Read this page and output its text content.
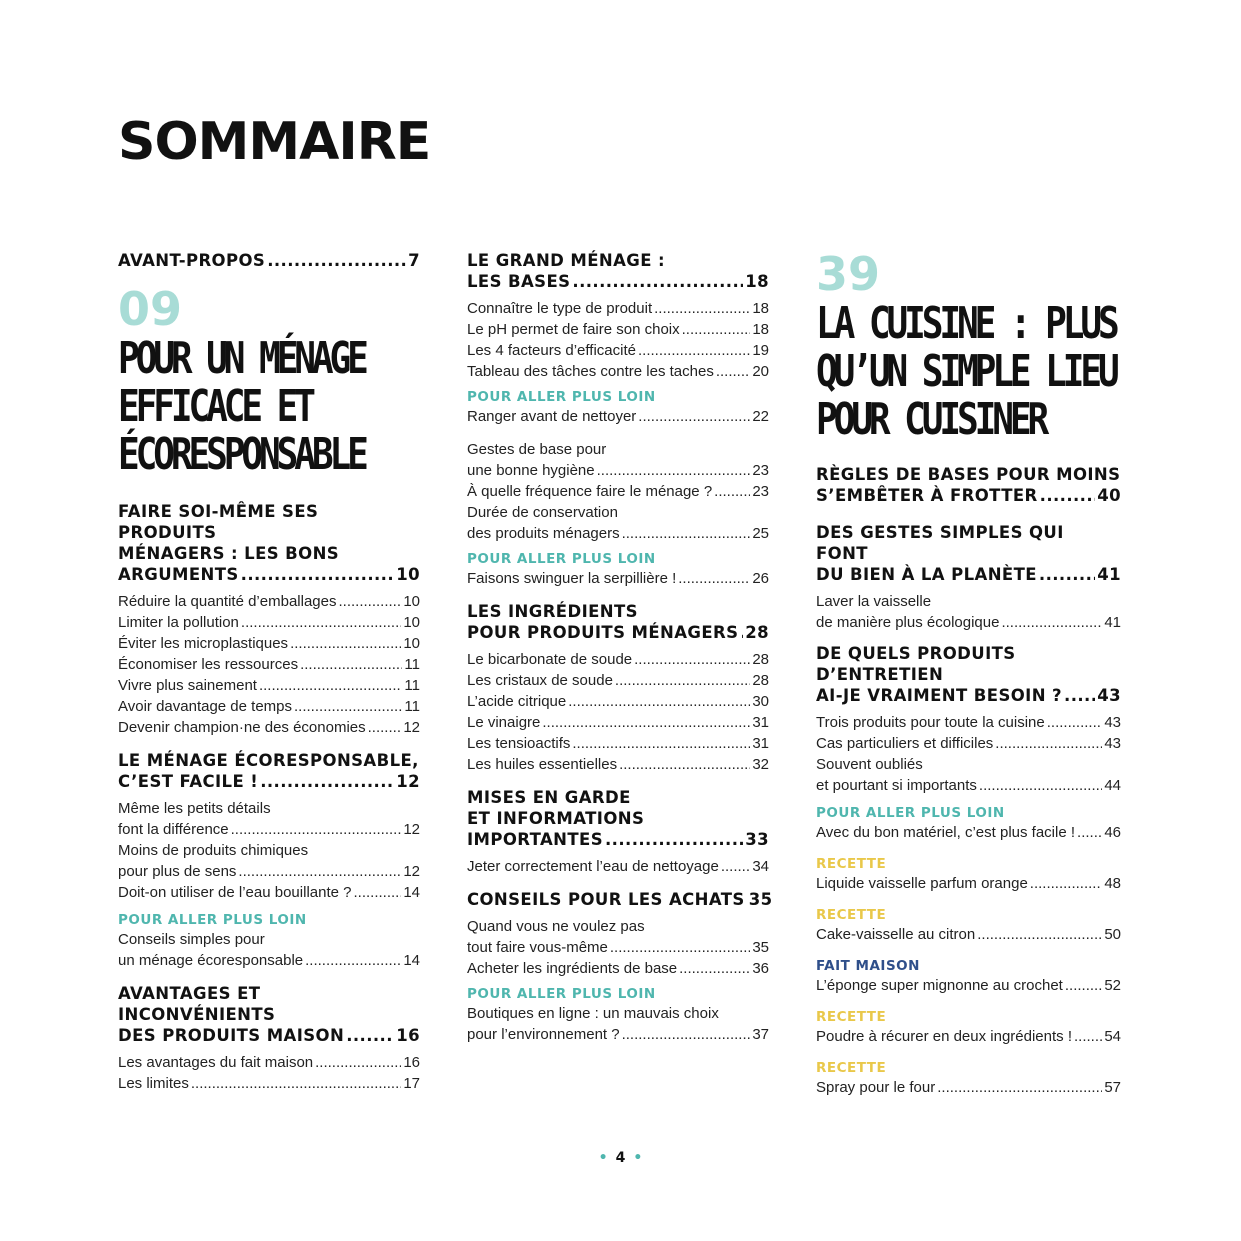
SOMMAIRE
AVANT-PROPOS .....	7
09
POUR UN MÉNAGE
EFFICACE ET
ÉCORESPONSABLE
FAIRE SOI-MÊME SES PRODUITS
MÉNAGERS : LES BONS
ARGUMENTS .....	10
Réduire la quantité d’emballages .....	10
Limiter la pollution .....	10
Éviter les microplastiques .....	10
Économiser les ressources .....	11
Vivre plus sainement .....	11
Avoir davantage de temps .....	11
Devenir champion·ne des économies .....	12
LE MÉNAGE ÉCORESPONSABLE,
C’EST FACILE ! .....	12
Même les petits détails
font la différence .....	12
Moins de produits chimiques
pour plus de sens .....	12
Doit-on utiliser de l’eau bouillante ? .....	14
POUR ALLER PLUS LOIN
Conseils simples pour
un ménage écoresponsable .....	14
AVANTAGES ET INCONVÉNIENTS
DES PRODUITS MAISON .....	16
Les avantages du fait maison .....	16
Les limites .....	17
LE GRAND MÉNAGE :
LES BASES .....	18
Connaître le type de produit .....	18
Le pH permet de faire son choix .....	18
Les 4 facteurs d’efficacité .....	19
Tableau des tâches contre les taches .....	20
POUR ALLER PLUS LOIN
Ranger avant de nettoyer .....	22
Gestes de base pour
une bonne hygiène .....	23
À quelle fréquence faire le ménage ? .....	23
Durée de conservation
des produits ménagers .....	25
POUR ALLER PLUS LOIN
Faisons swinguer la serpillière ! .....	26
LES INGRÉDIENTS
POUR PRODUITS MÉNAGERS ..... 28
Le bicarbonate de soude .....	28
Les cristaux de soude .....	28
L’acide citrique .....	30
Le vinaigre .....	31
Les tensioactifs .....	31
Les huiles essentielles .....	32
MISES EN GARDE
ET INFORMATIONS
IMPORTANTES .....	33
Jeter correctement l’eau de nettoyage ..... 34
CONSEILS POUR LES ACHATS 35
Quand vous ne voulez pas
tout faire vous-même .....	35
Acheter les ingrédients de base .....	36
POUR ALLER PLUS LOIN
Boutiques en ligne : un mauvais choix
pour l’environnement ? .....	37
39
LA CUISINE : PLUS
QU’UN SIMPLE LIEU
POUR CUISINER
RÈGLES DE BASES POUR MOINS
S’EMBÊTER À FROTTER .....	40
DES GESTES SIMPLES QUI FONT
DU BIEN À LA PLANÈTE .....	41
Laver la vaisselle
de manière plus écologique .....	41
DE QUELS PRODUITS D’ENTRETIEN
AI-JE VRAIMENT BESOIN ? ..... 43
Trois produits pour toute la cuisine .....	43
Cas particuliers et difficiles .....	43
Souvent oubliés
et pourtant si importants .....	44
POUR ALLER PLUS LOIN
Avec du bon matériel, c’est plus facile ! ..... 46
RECETTE
Liquide vaisselle parfum orange .....	48
RECETTE
Cake-vaisselle au citron .....	50
FAIT MAISON
L’éponge super mignonne au crochet .....	52
RECETTE
Poudre à récurer en deux ingrédients ! ..... 54
RECETTE
Spray pour le four .....	57
• 4 •
